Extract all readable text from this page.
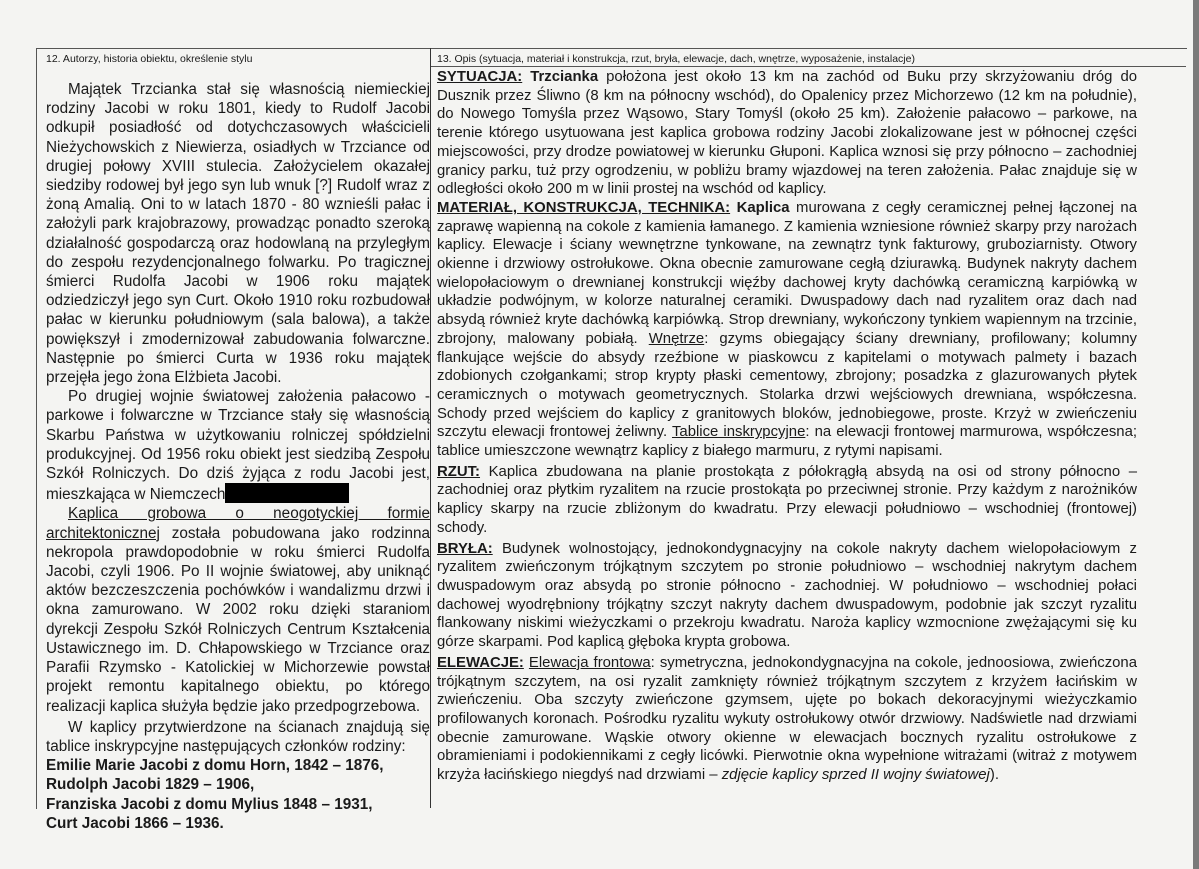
12. Autorzy, historia obiektu, określenie stylu

Majątek Trzcianka stał się własnością niemieckiej rodziny Jacobi w roku 1801, kiedy to Rudolf Jacobi odkupił posiadłość od dotychczasowych właścicieli Nieżychowskich z Niewierza, osiadłych w Trzciance od drugiej połowy XVIII stulecia. Założycielem okazałej siedziby rodowej był jego syn lub wnuk [?] Rudolf wraz z żoną Amalią. Oni to w latach 1870 - 80 wznieśli pałac i założyli park krajobrazowy, prowadząc ponadto szeroką działalność gospodarczą oraz hodowlaną na przyległym do zespołu rezydencjonalnego folwarku. Po tragicznej śmierci Rudolfa Jacobi w 1906 roku majątek odziedziczył jego syn Curt. Około 1910 roku rozbudował pałac w kierunku południowym (sala balowa), a także powiększył i zmodernizował zabudowania folwarczne. Następnie po śmierci Curta w 1936 roku majątek przejęła jego żona Elżbieta Jacobi.

Po drugiej wojnie światowej założenia pałacowo - parkowe i folwarczne w Trzciance stały się własnością Skarbu Państwa w użytkowaniu rolniczej spółdzielni produkcyjnej. Od 1956 roku obiekt jest siedzibą Zespołu Szkół Rolniczych. Do dziś żyjąca z rodu Jacobi jest, mieszkająca w Niemczech

Kaplica grobowa o neogotyckiej formie architektonicznej została pobudowana jako rodzinna nekropola prawdopodobnie w roku śmierci Rudolfa Jacobi, czyli 1906. Po II wojnie światowej, aby uniknąć aktów bezczeszczenia pochówków i wandalizmu drzwi i okna zamurowano. W 2002 roku dzięki staraniom dyrekcji Zespołu Szkół Rolniczych Centrum Kształcenia Ustawicznego im. D. Chłapowskiego w Trzciance oraz Parafii Rzymsko - Katolickiej w Michorzewie powstał projekt remontu kapitalnego obiektu, po którego realizacji kaplica służyła będzie jako przedpogrzebowa.

W kaplicy przytwierdzone na ścianach znajdują się tablice inskrypcyjne następujących członków rodziny:

Emilie Marie Jacobi z domu Horn, 1842 – 1876,

Rudolph Jacobi 1829 – 1906,

Franziska Jacobi z domu Mylius 1848 – 1931,

Curt Jacobi 1866 – 1936.

13. Opis (sytuacja, materiał i konstrukcja, rzut, bryła, elewacje, dach, wnętrze, wyposażenie, instalacje)

SYTUACJA: Trzcianka położona jest około 13 km na zachód od Buku przy skrzyżowaniu dróg do Dusznik przez Śliwno (8 km na północny wschód), do Opalenicy przez Michorzewo (12 km na południe), do Nowego Tomyśla przez Wąsowo, Stary Tomyśl (około 25 km). Założenie pałacowo – parkowe, na terenie którego usytuowana jest kaplica grobowa rodziny Jacobi zlokalizowane jest w północnej części miejscowości, przy drodze powiatowej w kierunku Głuponi. Kaplica wznosi się przy północno – zachodniej granicy parku, tuż przy ogrodzeniu, w pobliżu bramy wjazdowej na teren założenia. Pałac znajduje się w odległości około 200 m w linii prostej na wschód od kaplicy.

MATERIAŁ, KONSTRUKCJA, TECHNIKA: Kaplica murowana z cegły ceramicznej pełnej łączonej na zaprawę wapienną na cokole z kamienia łamanego. Z kamienia wzniesione również skarpy przy narożach kaplicy. Elewacje i ściany wewnętrzne tynkowane, na zewnątrz tynk fakturowy, gruboziarnisty. Otwory okienne i drzwiowy ostrołukowe. Okna obecnie zamurowane cegłą dziurawką. Budynek nakryty dachem wielopołaciowym o drewnianej konstrukcji więźby dachowej kryty dachówką ceramiczną karpiówką w układzie podwójnym, w kolorze naturalnej ceramiki. Dwuspadowy dach nad ryzalitem oraz dach nad absydą również kryte dachówką karpiówką. Strop drewniany, wykończony tynkiem wapiennym na trzcinie, zbrojony, malowany pobiałą. Wnętrze: gzyms obiegający ściany drewniany, profilowany; kolumny flankujące wejście do absydy rzeźbione w piaskowcu z kapitelami o motywach palmety i bazach zdobionych czołgankami; strop krypty płaski cementowy, zbrojony; posadzka z glazurowanych płytek ceramicznych o motywach geometrycznych. Stolarka drzwi wejściowych drewniana, współczesna. Schody przed wejściem do kaplicy z granitowych bloków, jednobiegowe, proste. Krzyż w zwieńczeniu szczytu elewacji frontowej żeliwny. Tablice inskrypcyjne: na elewacji frontowej marmurowa, współczesna; tablice umieszczone wewnątrz kaplicy z białego marmuru, z rytymi napisami.

RZUT: Kaplica zbudowana na planie prostokąta z półokrągłą absydą na osi od strony północno – zachodniej oraz płytkim ryzalitem na rzucie prostokąta po przeciwnej stronie. Przy każdym z narożników kaplicy skarpy na rzucie zbliżonym do kwadratu. Przy elewacji południowo – wschodniej (frontowej) schody.

BRYŁA: Budynek wolnostojący, jednokondygnacyjny na cokole nakryty dachem wielopołaciowym z ryzalitem zwieńczonym trójkątnym szczytem po stronie południowo – wschodniej nakrytym dachem dwuspadowym oraz absydą po stronie północno - zachodniej. W południowo – wschodniej połaci dachowej wyodrębniony trójkątny szczyt nakryty dachem dwuspadowym, podobnie jak szczyt ryzalitu flankowany niskimi wieżyczkami o przekroju kwadratu. Naroża kaplicy wzmocnione zwężającymi się ku górze skarpami. Pod kaplicą głęboka krypta grobowa.

ELEWACJE: Elewacja frontowa: symetryczna, jednokondygnacyjna na cokole, jednoosiowa, zwieńczona trójkątnym szczytem, na osi ryzalit zamknięty również trójkątnym szczytem z krzyżem łacińskim w zwieńczeniu. Oba szczyty zwieńczone gzymsem, ujęte po bokach dekoracyjnymi wieżyczkamio profilowanych koronach. Pośrodku ryzalitu wykuty ostrołukowy otwór drzwiowy. Nadświetle nad drzwiami obecnie zamurowane. Wąskie otwory okienne w elewacjach bocznych ryzalitu ostrołukowe z obramieniami i podokiennikami z cegły licówki. Pierwotnie okna wypełnione witrażami (witraż z motywem krzyża łacińskiego niegdyś nad drzwiami – zdjęcie kaplicy sprzed II wojny światowej).
